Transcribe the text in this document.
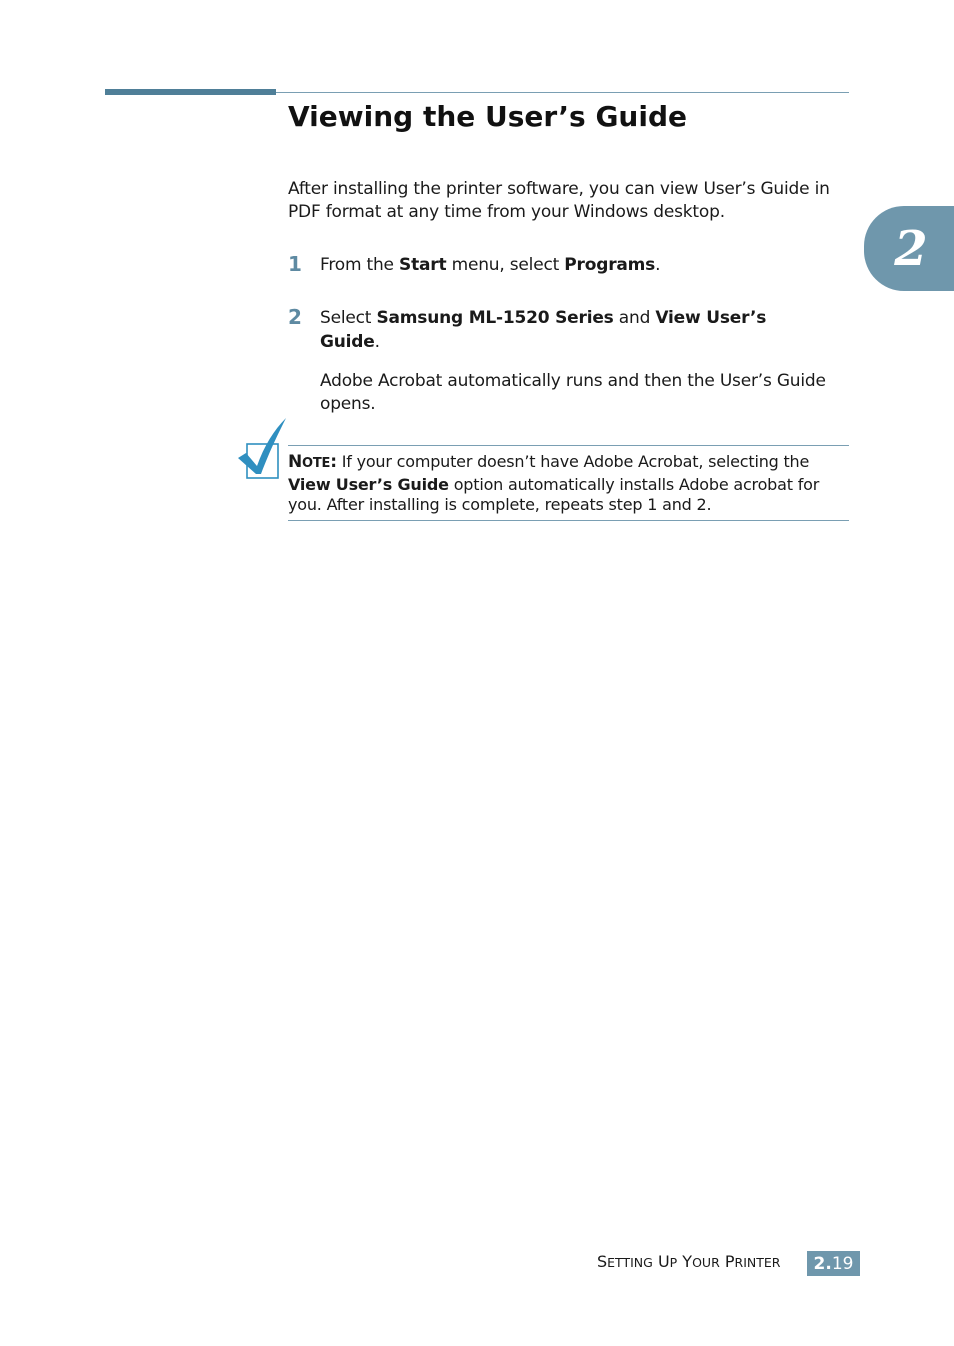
Viewing the User’s Guide
2

After installing the printer software, you can view User’s Guide in PDF format at any time from your Windows desktop.

1 From the Start menu, select Programs.

2 Select Samsung ML-1520 Series and View User’s Guide.

Adobe Acrobat automatically runs and then the User’s Guide opens.

NOTE: If your computer doesn’t have Adobe Acrobat, selecting the View User’s Guide option automatically installs Adobe acrobat for you. After installing is complete, repeats step 1 and 2.

SETTING UP YOUR PRINTER 2. 19
